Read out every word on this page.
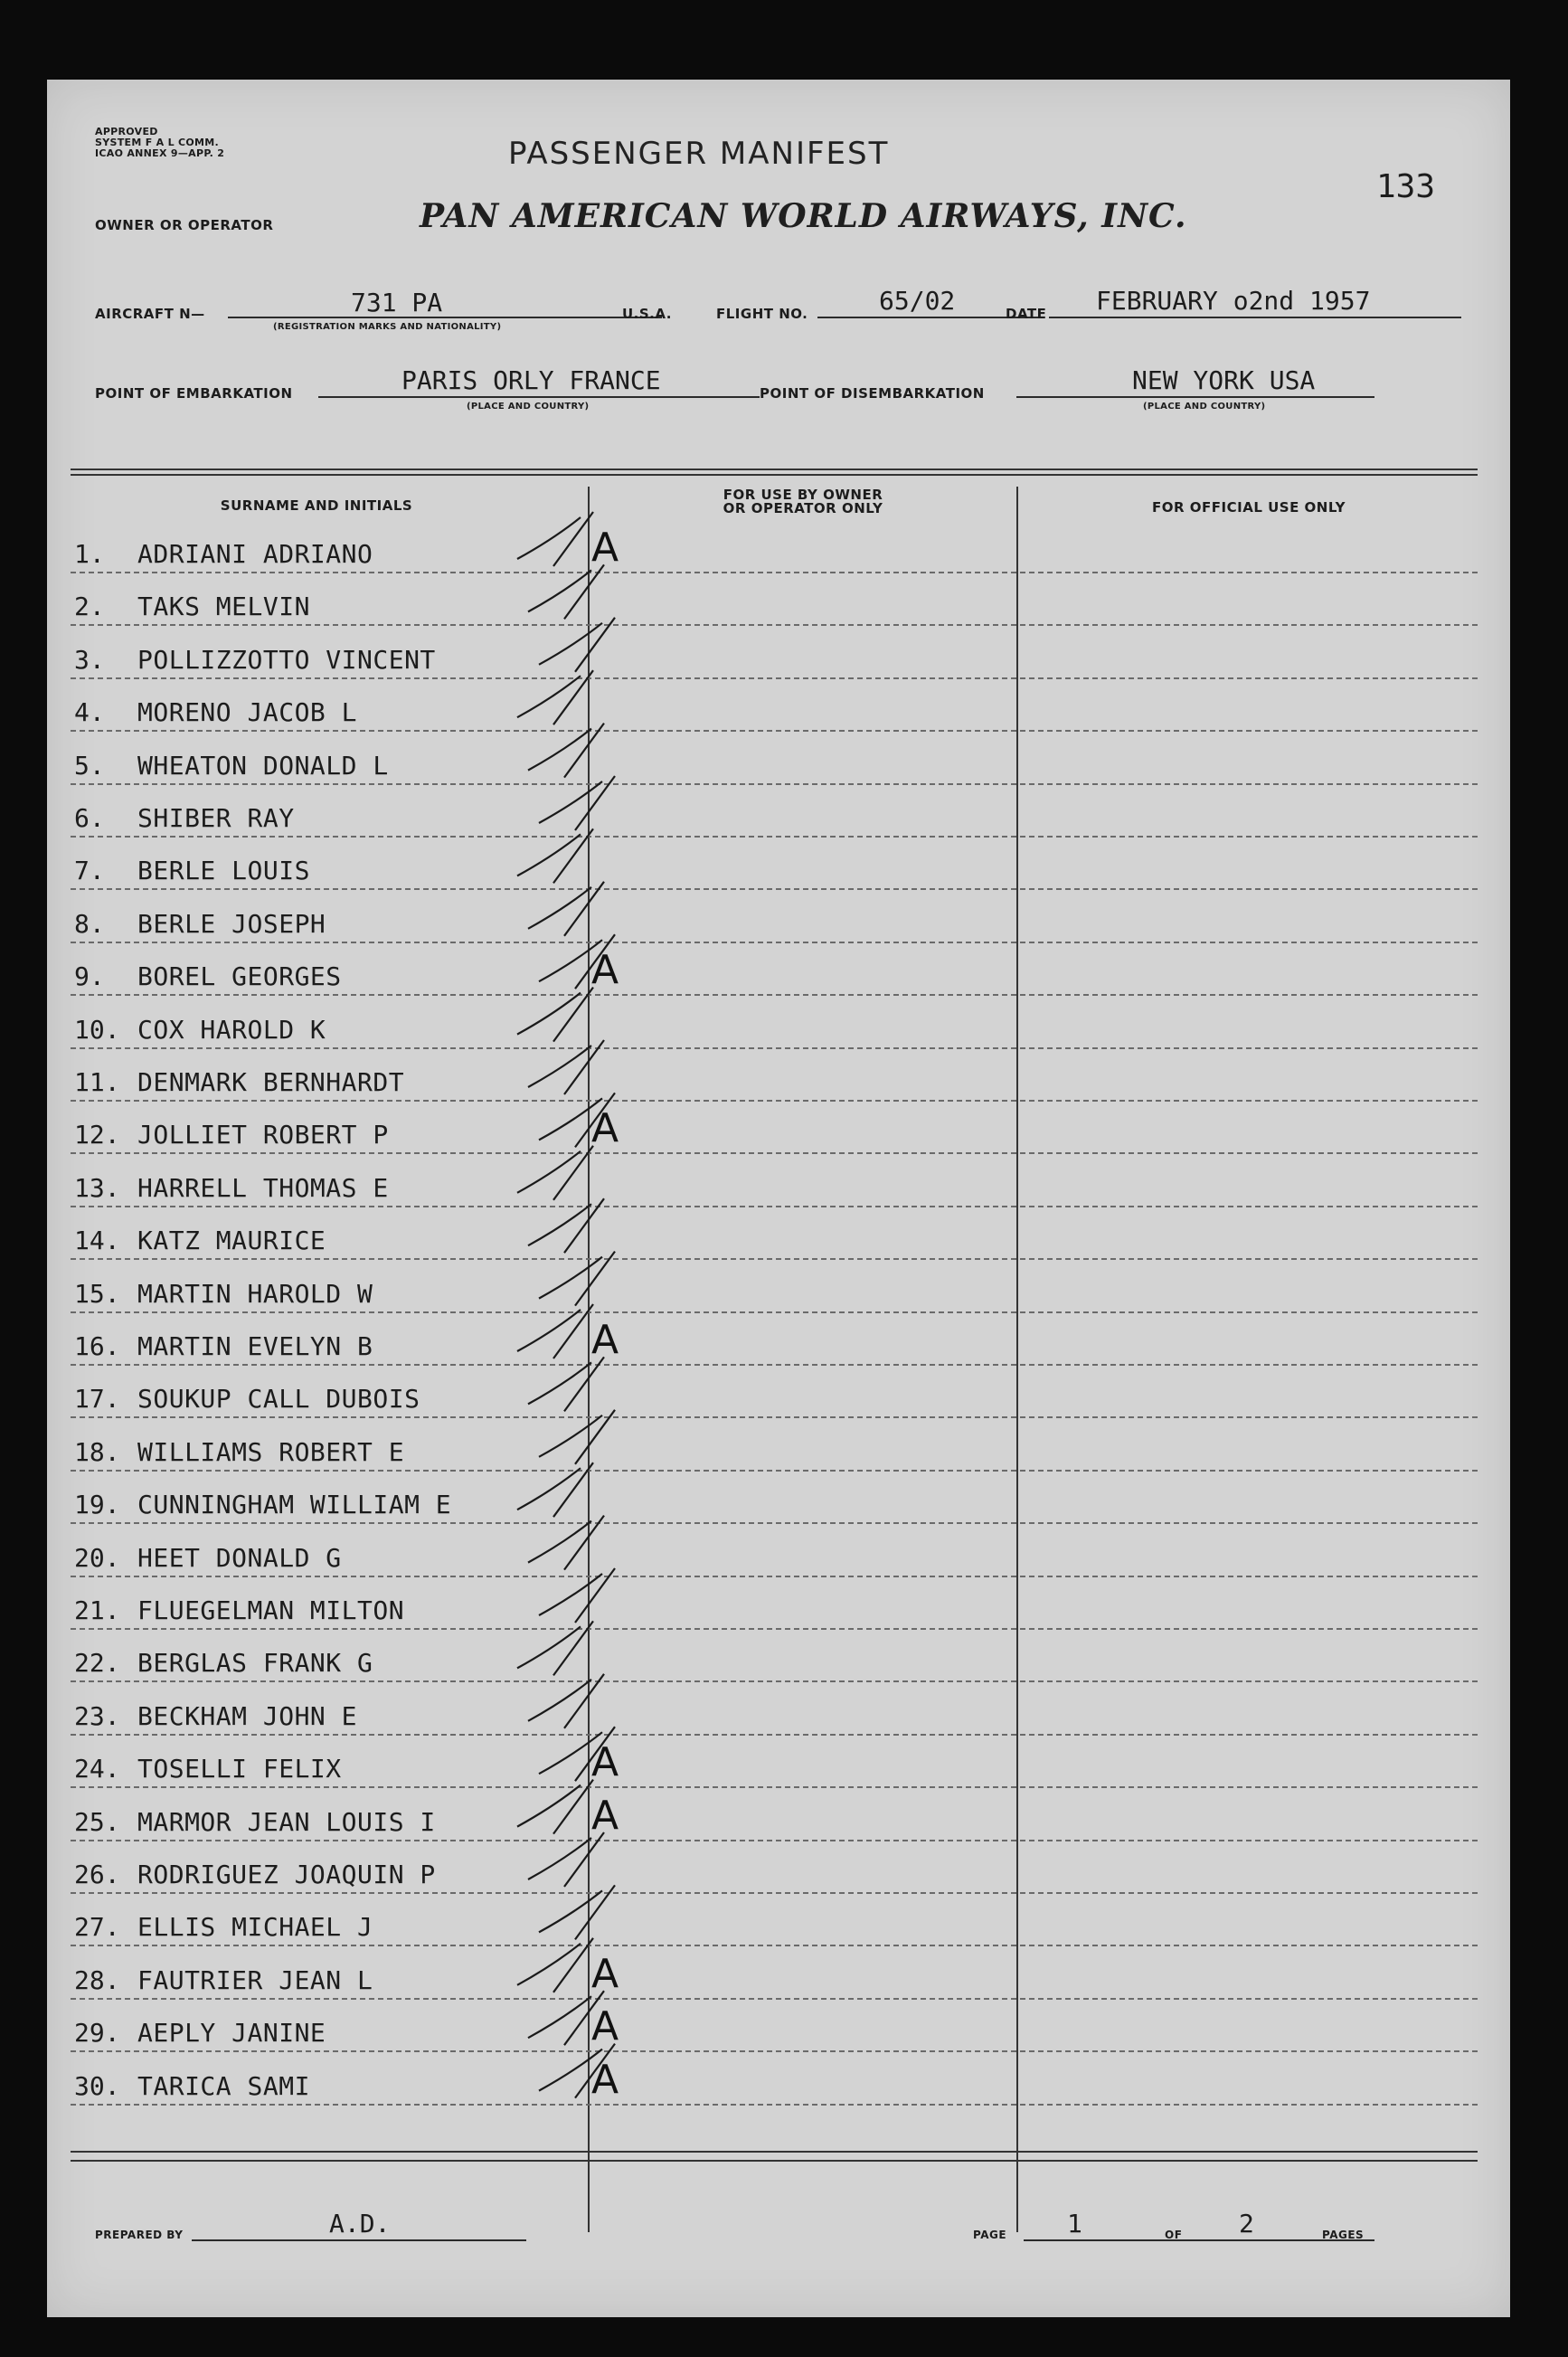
APPROVED
SYSTEM F A L COMM.
ICAO ANNEX 9—APP. 2	PASSENGER MANIFEST
133
OWNER OR OPERATOR	PAN AMERICAN WORLD AIRWAYS, INC.
AIRCRAFT N—	731 PA
(REGISTRATION MARKS AND NATIONALITY)
U.S.A.	FLIGHT NO.	65/02	DATE FEBRUARY o2nd 1957
POINT OF EMBARKATION	PARIS ORLY FRANCE
(PLACE AND COUNTRY)
POINT OF DISEMBARKATION	NEW YORK USA
(PLACE AND COUNTRY)
SURNAME AND INITIALS
FOR USE BY OWNER
OR OPERATOR ONLY	FOR OFFICIAL USE ONLY
1.	ADRIANI ADRIANO	A
2.	TAKS MELVIN
3.	POLLIZZOTTO VINCENT
4.	MORENO JACOB L
5.	WHEATON DONALD L
6.	SHIBER RAY
7.	BERLE LOUIS
8.	BERLE JOSEPH
9.	BOREL GEORGES	A
10. COX HAROLD K
11. DENMARK BERNHARDT
12. JOLLIET ROBERT P	A
13. HARRELL THOMAS E
14. KATZ MAURICE
15. MARTIN HAROLD W
16. MARTIN EVELYN B	A
17. SOUKUP CALL DUBOIS
18. WILLIAMS ROBERT E
19. CUNNINGHAM WILLIAM E
20. HEET DONALD G
21. FLUEGELMAN MILTON
22. BERGLAS FRANK G
23. BECKHAM JOHN E
24. TOSELLI FELIX	A
25. MARMOR JEAN LOUIS I	A
26. RODRIGUEZ JOAQUIN P
27. ELLIS MICHAEL J
28. FAUTRIER JEAN L	A
29. AEPLY JANINE	A
30. TARICA SAMI	A
PREPARED BY	A.D.	PAGE 1	OF 2	PAGES
